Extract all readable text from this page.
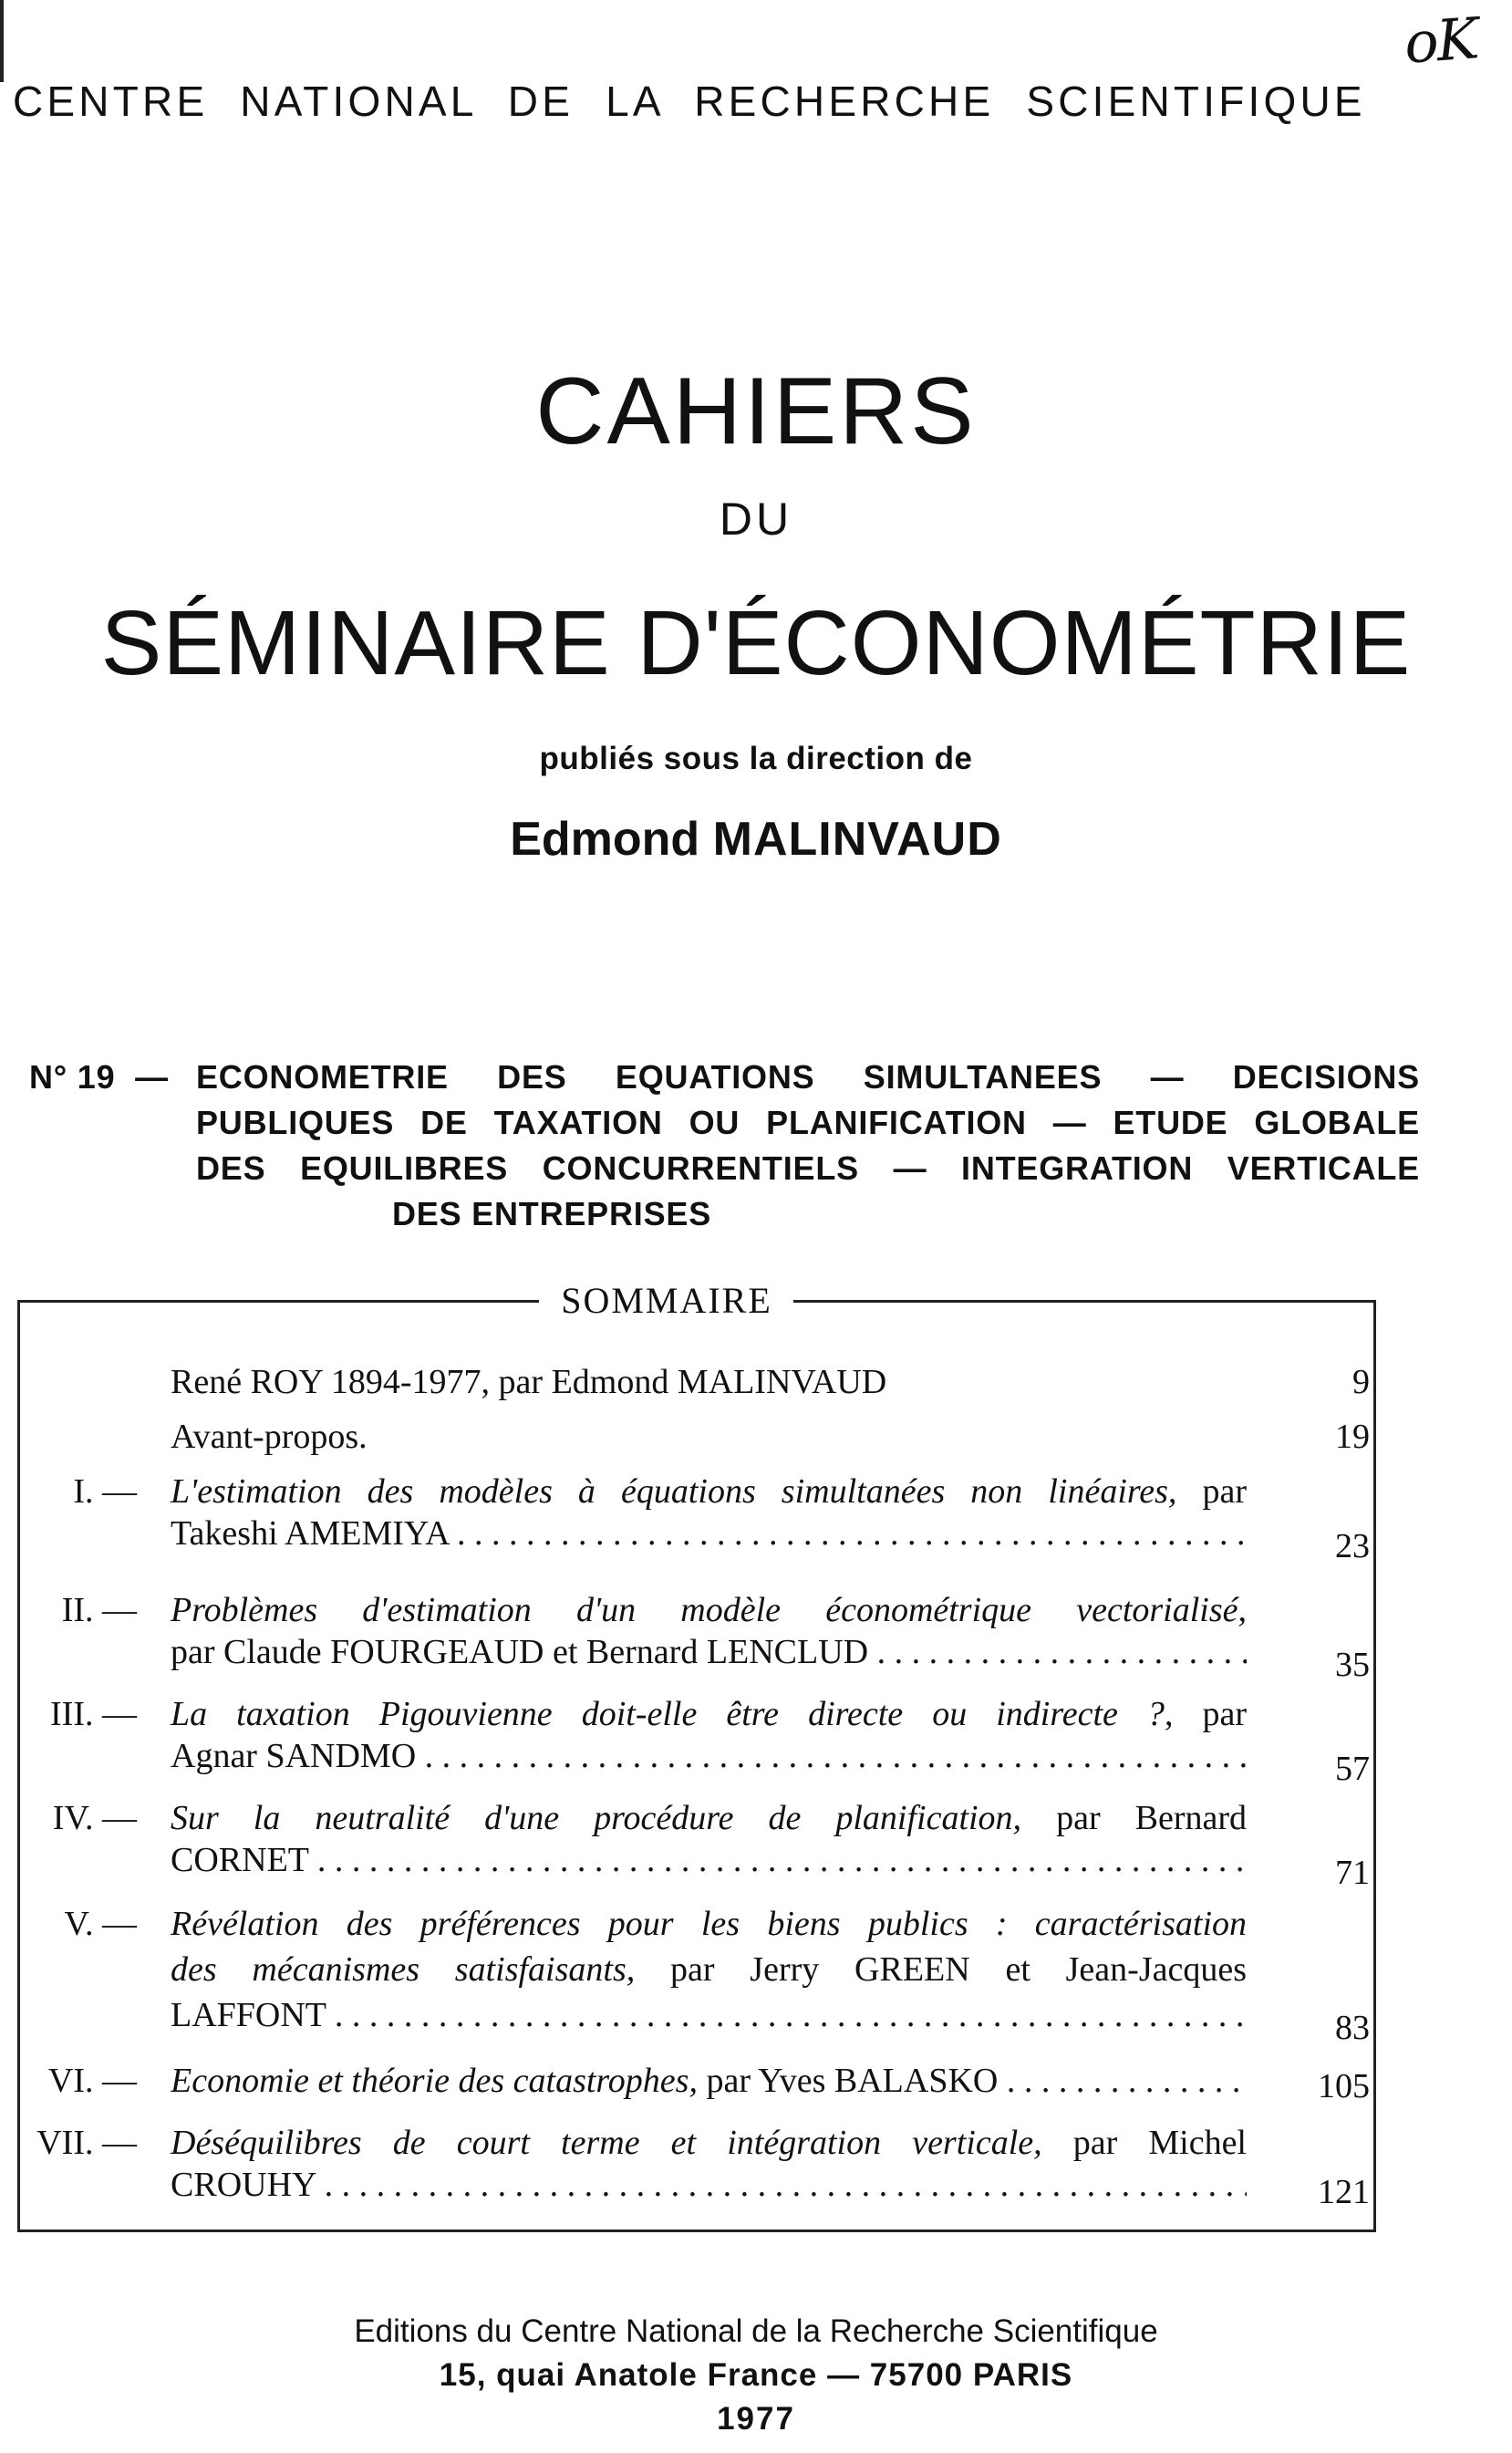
oK
CENTRE NATIONAL DE LA RECHERCHE SCIENTIFIQUE
CAHIERS
DU
SÉMINAIRE D'ÉCONOMÉTRIE
publiés sous la direction de
Edmond MALINVAUD
N° 19 — ECONOMETRIE DES EQUATIONS SIMULTANEES — DECISIONS
PUBLIQUES DE TAXATION OU PLANIFICATION — ETUDE GLOBALE
DES EQUILIBRES CONCURRENTIELS — INTEGRATION VERTICALE
DES ENTREPRISES
SOMMAIRE
René ROY 1894-1977, par Edmond MALINVAUD	9
Avant-propos.	19
I. — L'estimation des modèles à équations simultanées non linéaires, par
Takeshi AMEMIYA . . .	23
II. — Problèmes d'estimation d'un modèle économétrique vectorialisé,
par Claude FOURGEAUD et Bernard LENCLUD . . .	35
III. — La taxation Pigouvienne doit-elle être directe ou indirecte ?, par
Agnar SANDMO . . .	57
IV. — Sur la neutralité d'une procédure de planification, par Bernard
CORNET . . .	71
V. — Révélation des préférences pour les biens publics : caractérisation
des mécanismes satisfaisants, par Jerry GREEN et Jean-Jacques
LAFFONT . . .	83
VI. — Economie et théorie des catastrophes, par Yves BALASKO . . .	105
VII. — Déséquilibres de court terme et intégration verticale, par Michel
CROUHY . . .	121
Editions du Centre National de la Recherche Scientifique
15, quai Anatole France — 75700 PARIS
1977
